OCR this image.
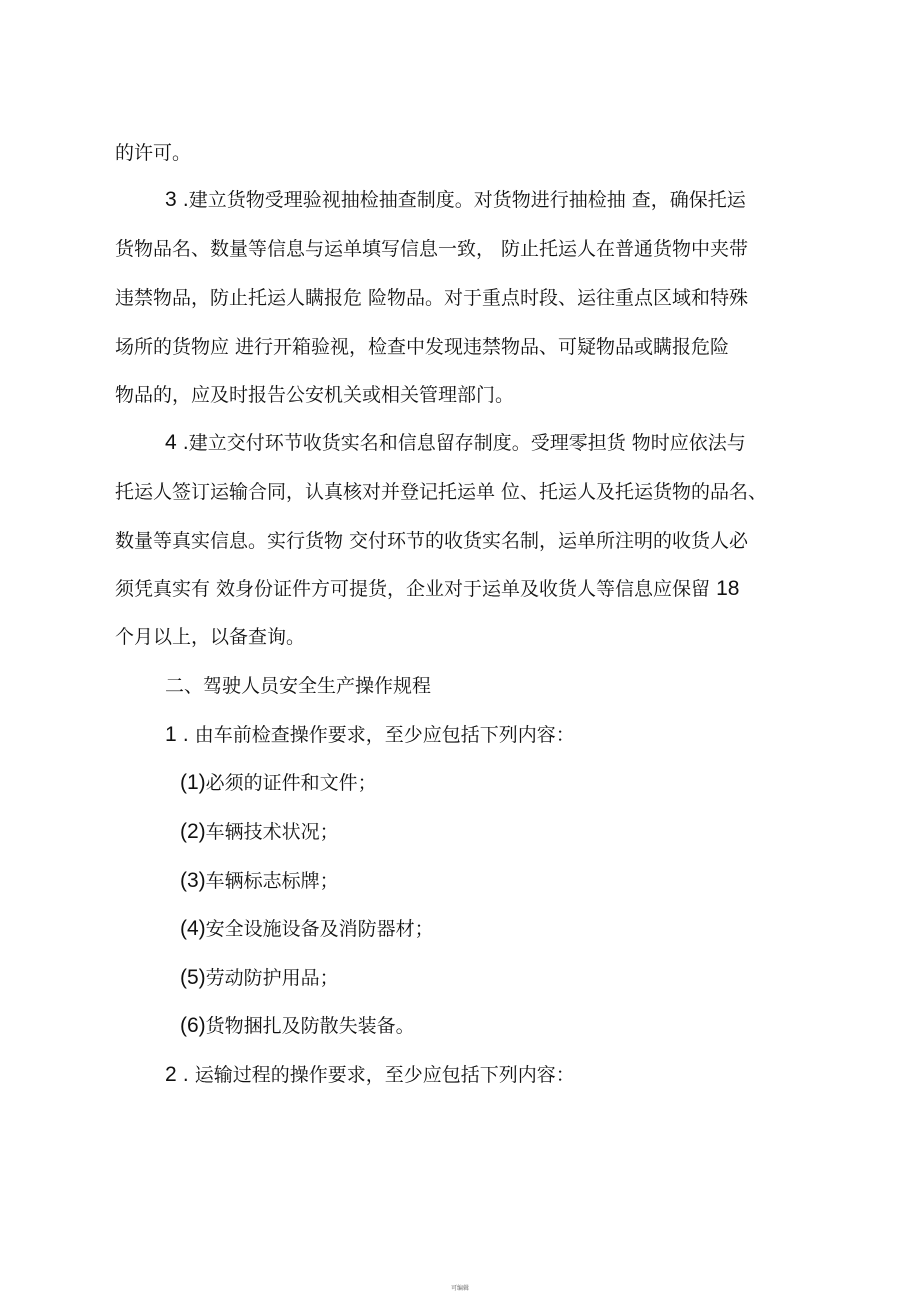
的许可。
3 .建立货物受理验视抽检抽查制度。对货物进行抽检抽 查，确保托运
货物品名、数量等信息与运单填写信息一致， 防止托运人在普通货物中夹带
违禁物品，防止托运人瞒报危 险物品。对于重点时段、运往重点区域和特殊
场所的货物应 进行开箱验视，检查中发现违禁物品、可疑物品或瞒报危险
物品的，应及时报告公安机关或相关管理部门。
4 .建立交付环节收货实名和信息留存制度。受理零担货 物时应依法与
托运人签订运输合同，认真核对并登记托运单 位、托运人及托运货物的品名、
数量等真实信息。实行货物 交付环节的收货实名制，运单所注明的收货人必
须凭真实有 效身份证件方可提货，企业对于运单及收货人等信息应保留 18
个月以上，以备查询。
二、驾驶人员安全生产操作规程
1 . 由车前检查操作要求，至少应包括下列内容：
(1)必须的证件和文件；
(2)车辆技术状况；
(3)车辆标志标牌；
(4)安全设施设备及消防器材；
(5)劳动防护用品；
(6)货物捆扎及防散失装备。
2 . 运输过程的操作要求，至少应包括下列内容：
可编辑
